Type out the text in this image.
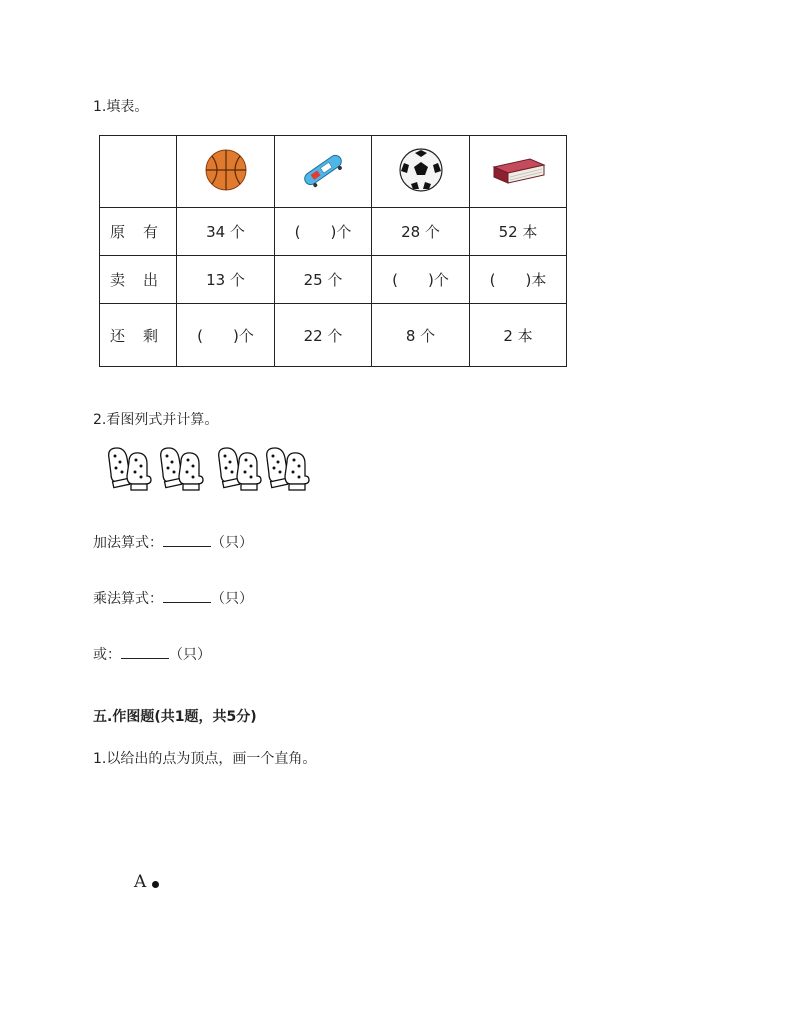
1.填表。

原有	34 个	(　　)个	28 个	52 本
卖出	13 个	25 个	(　　)个	(　　)本
还剩	(　　)个	22 个	8 个	2 本
2.看图列式并计算。
加法算式：	（只）
乘法算式：	（只）
或：	（只）
五.作图题(共1题，共5分)
1.以给出的点为顶点，画一个直角。
A
